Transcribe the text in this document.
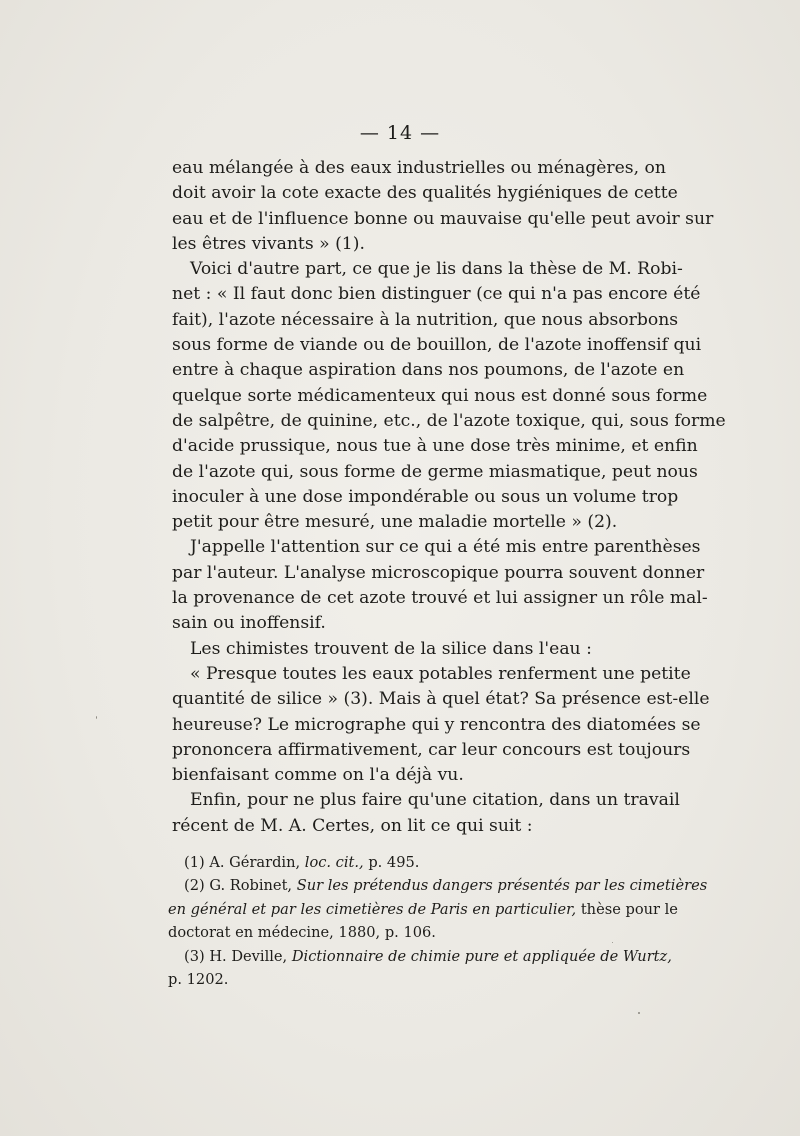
— 14 —
eau mélangée à des eaux industrielles ou ménagères, on
doit avoir la cote exacte des qualités hygiéniques de cette
eau et de l'influence bonne ou mauvaise qu'elle peut avoir sur
les êtres vivants » (1).
Voici d'autre part, ce que je lis dans la thèse de M. Robi-
net : « Il faut donc bien distinguer (ce qui n'a pas encore été
fait), l'azote nécessaire à la nutrition, que nous absorbons
sous forme de viande ou de bouillon, de l'azote inoffensif qui
entre à chaque aspiration dans nos poumons, de l'azote en
quelque sorte médicamenteux qui nous est donné sous forme
de salpêtre, de quinine, etc., de l'azote toxique, qui, sous forme
d'acide prussique, nous tue à une dose très minime, et enfin
de l'azote qui, sous forme de germe miasmatique, peut nous
inoculer à une dose impondérable ou sous un volume trop
petit pour être mesuré, une maladie mortelle » (2).
J'appelle l'attention sur ce qui a été mis entre parenthèses
par l'auteur. L'analyse microscopique pourra souvent donner
la provenance de cet azote trouvé et lui assigner un rôle mal-
sain ou inoffensif.
Les chimistes trouvent de la silice dans l'eau :
« Presque toutes les eaux potables renferment une petite
quantité de silice » (3). Mais à quel état? Sa présence est-elle
heureuse? Le micrographe qui y rencontra des diatomées se
prononcera affirmativement, car leur concours est toujours
bienfaisant comme on l'a déjà vu.
Enfin, pour ne plus faire qu'une citation, dans un travail
récent de M. A. Certes, on lit ce qui suit :
(1) A. Gérardin, loc. cit., p. 495.
(2) G. Robinet, Sur les prétendus dangers présentés par les cimetières
en général et par les cimetières de Paris en particulier, thèse pour le
doctorat en médecine, 1880, p. 106.
(3) H. Deville, Dictionnaire de chimie pure et appliquée de Wurtz,
p. 1202.
